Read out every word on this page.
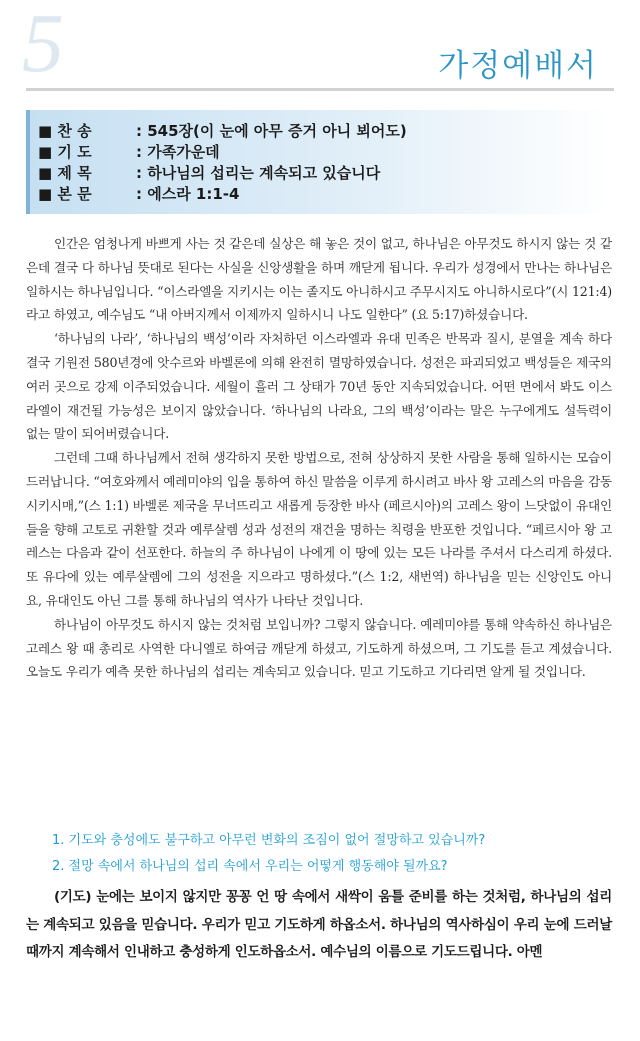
5	가정예배서
■ 찬 송	: 545장(이 눈에 아무 증거 아니 뵈어도)
■ 기 도	: 가족가운데
■ 제 목	: 하나님의 섭리는 계속되고 있습니다
■ 본 문	: 에스라 1:1-4

인간은 엄청나게 바쁘게 사는 것 같은데 실상은 해 놓은 것이 없고, 하나님은 아무것도 하시지 않는 것 같은데 결국 다 하나님 뜻대로 된다는 사실을 신앙생활을 하며 깨닫게 됩니다. 우리가 성경에서 만나는 하나님은 일하시는 하나님입니다. “이스라엘을 지키시는 이는 졸지도 아니하시고 주무시지도 아니하시로다”(시 121:4)라고 하였고, 예수님도 “내 아버지께서 이제까지 일하시니 나도 일한다” (요 5:17)하셨습니다.

‘하나님의 나라’, ‘하나님의 백성’이라 자처하던 이스라엘과 유대 민족은 반목과 질시, 분열을 계속 하다 결국 기원전 580년경에 앗수르와 바벨론에 의해 완전히 멸망하였습니다. 성전은 파괴되었고 백성들은 제국의 여러 곳으로 강제 이주되었습니다. 세월이 흘러 그 상태가 70년 동안 지속되었습니다. 어떤 면에서 봐도 이스라엘이 재건될 가능성은 보이지 않았습니다. ‘하나님의 나라요, 그의 백성’이라는 말은 누구에게도 설득력이 없는 말이 되어버렸습니다.

그런데 그때 하나님께서 전혀 생각하지 못한 방법으로, 전혀 상상하지 못한 사람을 통해 일하시는 모습이 드러납니다. “여호와께서 예레미야의 입을 통하여 하신 말씀을 이루게 하시려고 바사 왕 고레스의 마음을 감동시키시매,”(스 1:1) 바벨론 제국을 무너뜨리고 새롭게 등장한 바사 (페르시아)의 고레스 왕이 느닷없이 유대인들을 향해 고토로 귀환할 것과 예루살렘 성과 성전의 재건을 명하는 칙령을 반포한 것입니다. “페르시아 왕 고레스는 다음과 같이 선포한다. 하늘의 주 하나님이 나에게 이 땅에 있는 모든 나라를 주셔서 다스리게 하셨다. 또 유다에 있는 예루살렘에 그의 성전을 지으라고 명하셨다.”(스 1:2, 새번역) 하나님을 믿는 신앙인도 아니요, 유대인도 아닌 그를 통해 하나님의 역사가 나타난 것입니다.

하나님이 아무것도 하시지 않는 것처럼 보입니까? 그렇지 않습니다. 예레미야를 통해 약속하신 하나님은 고레스 왕 때 총리로 사역한 다니엘로 하여금 깨닫게 하셨고, 기도하게 하셨으며, 그 기도를 듣고 계셨습니다. 오늘도 우리가 예측 못한 하나님의 섭리는 계속되고 있습니다. 믿고 기도하고 기다리면 알게 될 것입니다.

1. 기도와 충성에도 불구하고 아무런 변화의 조짐이 없어 절망하고 있습니까?
2. 절망 속에서 하나님의 섭리 속에서 우리는 어떻게 행동해야 될까요?
(기도) 눈에는 보이지 않지만 꽁꽁 언 땅 속에서 새싹이 움틀 준비를 하는 것처럼, 하나님의 섭리는 계속되고 있음을 믿습니다. 우리가 믿고 기도하게 하옵소서. 하나님의 역사하심이 우리 눈에 드러날 때까지 계속해서 인내하고 충성하게 인도하옵소서. 예수님의 이름으로 기도드립니다. 아멘
